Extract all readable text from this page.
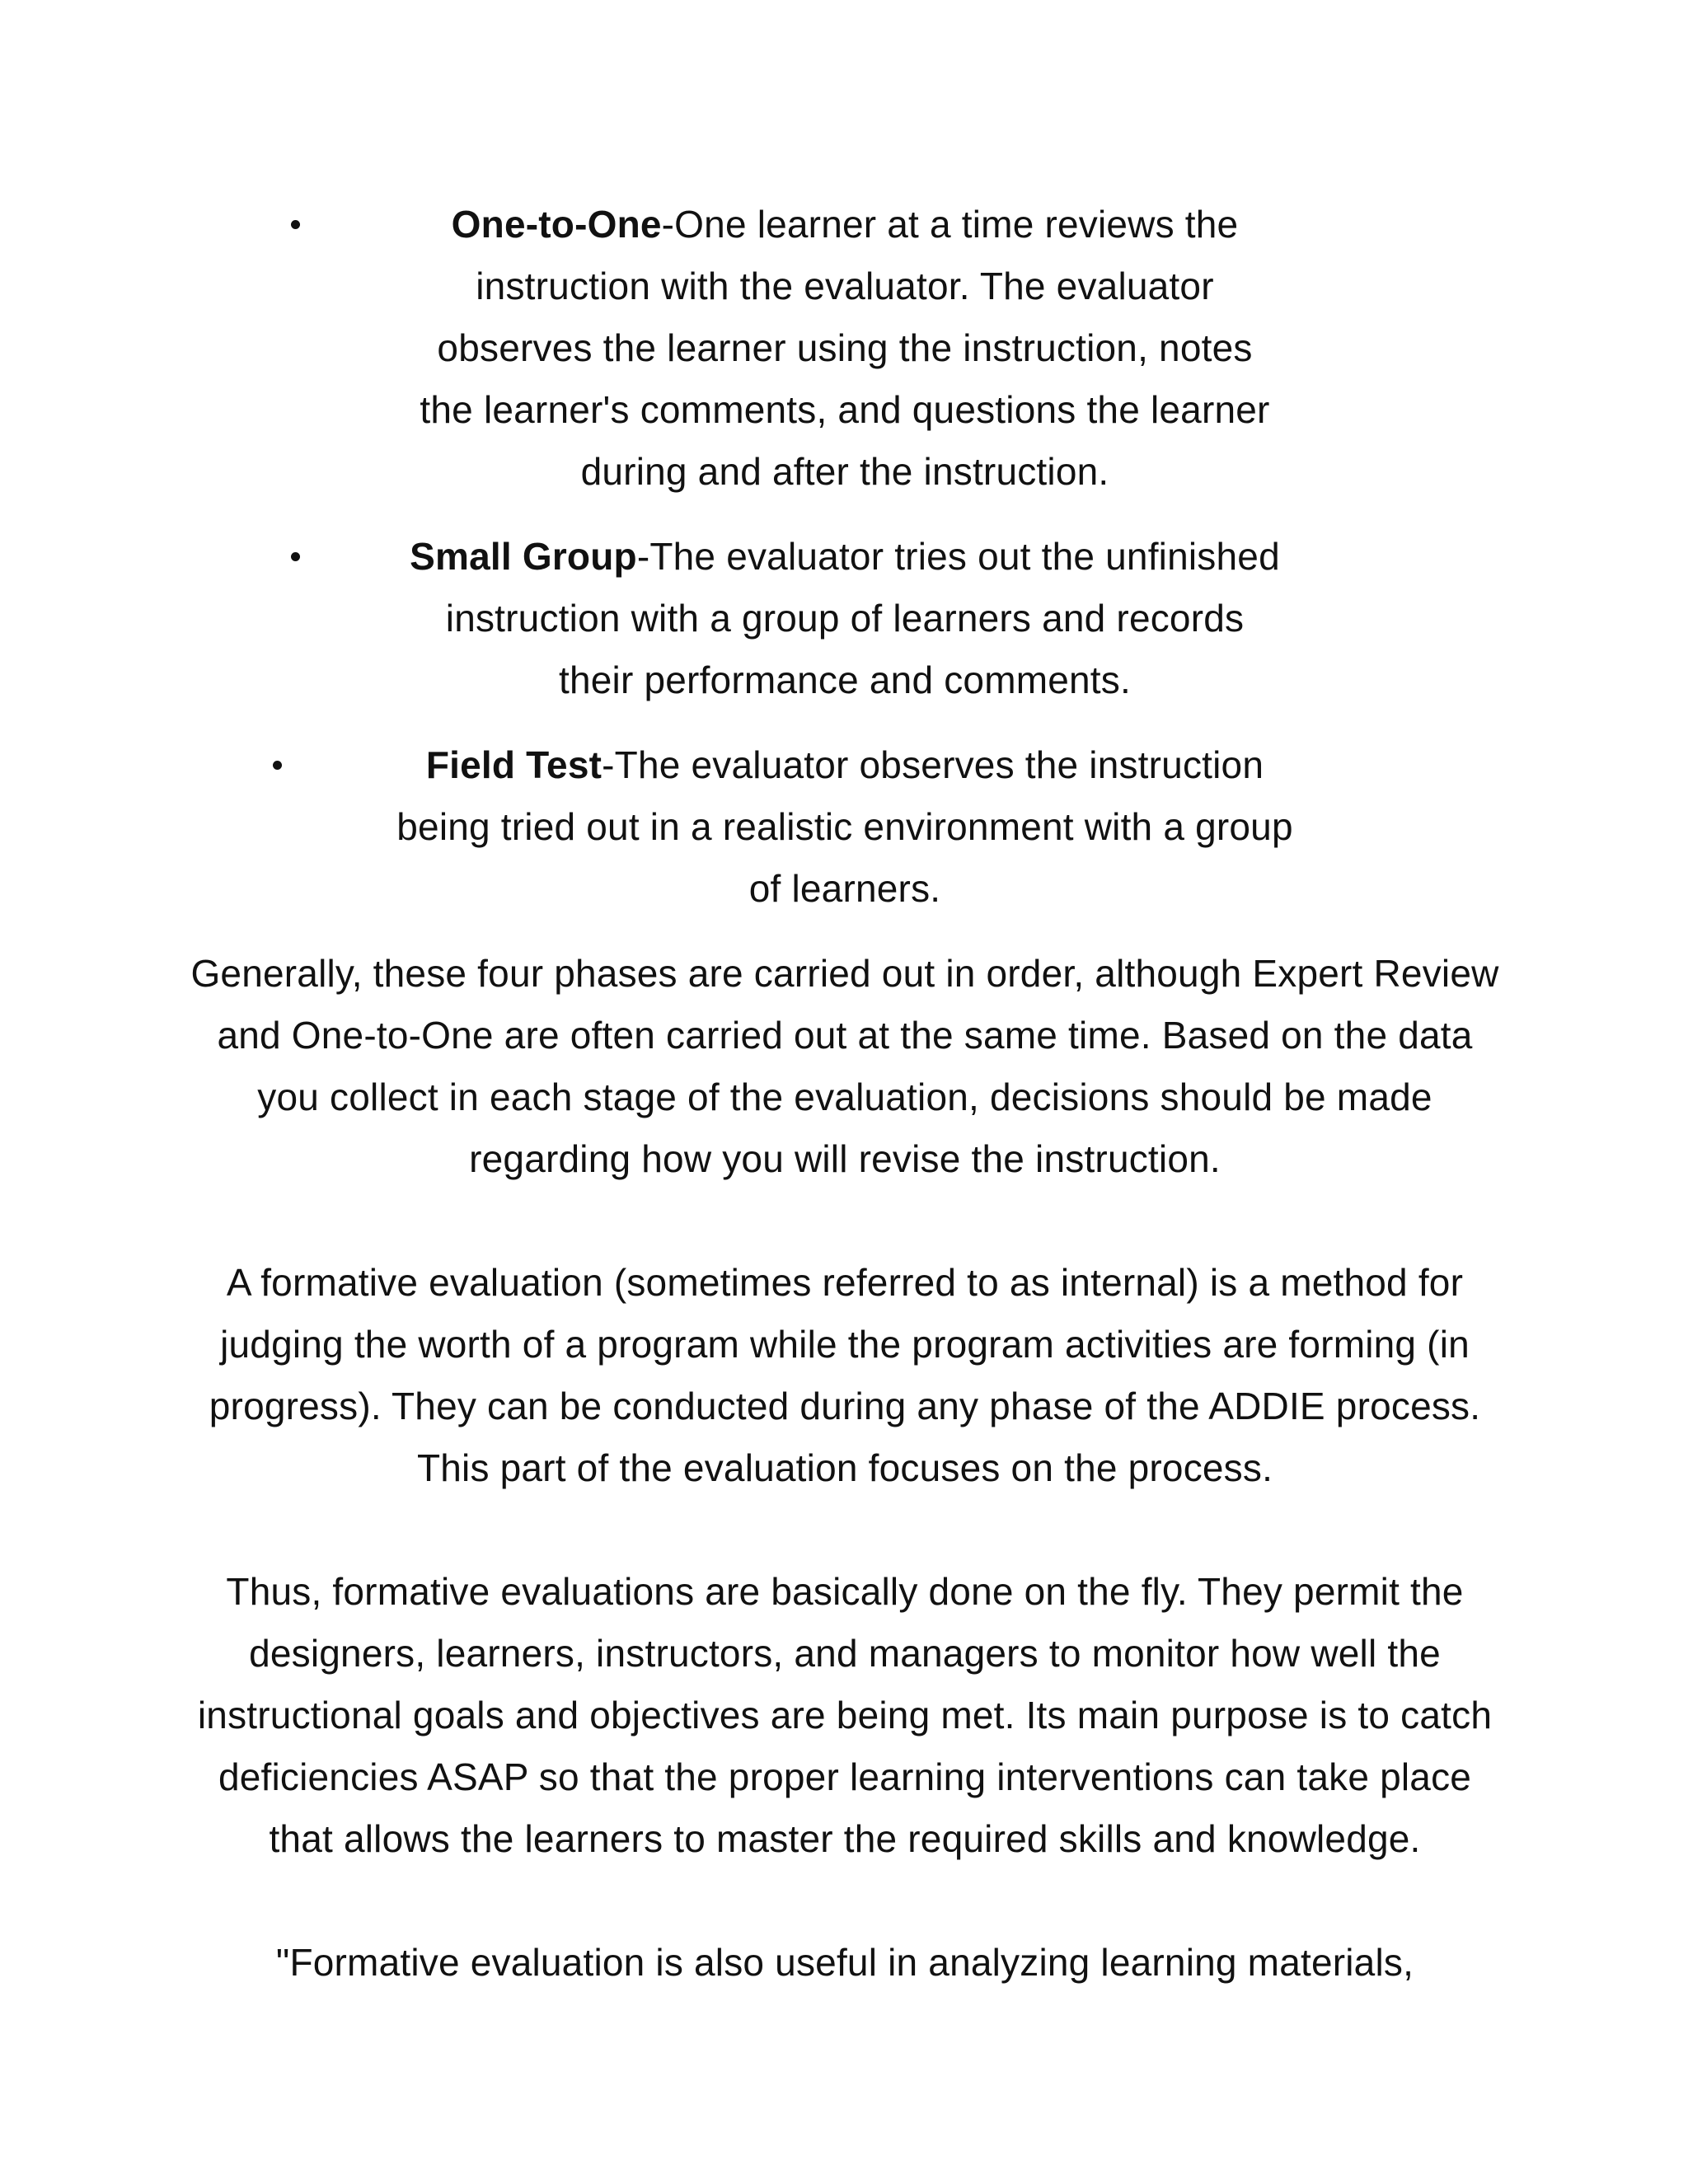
One-to-One-One learner at a time reviews the instruction with the evaluator. The evaluator observes the learner using the instruction, notes the learner's comments, and questions the learner during and after the instruction.
Small Group-The evaluator tries out the unfinished instruction with a group of learners and records their performance and comments.
Field Test-The evaluator observes the instruction being tried out in a realistic environment with a group of learners.

Generally, these four phases are carried out in order, although Expert Review and One-to-One are often carried out at the same time. Based on the data you collect in each stage of the evaluation, decisions should be made regarding how you will revise the instruction.

A formative evaluation (sometimes referred to as internal) is a method for judging the worth of a program while the program activities are forming (in progress). They can be conducted during any phase of the ADDIE process. This part of the evaluation focuses on the process.

Thus, formative evaluations are basically done on the fly. They permit the designers, learners, instructors, and managers to monitor how well the instructional goals and objectives are being met. Its main purpose is to catch deficiencies ASAP so that the proper learning interventions can take place that allows the learners to master the required skills and knowledge.

"Formative evaluation is also useful in analyzing learning materials,
